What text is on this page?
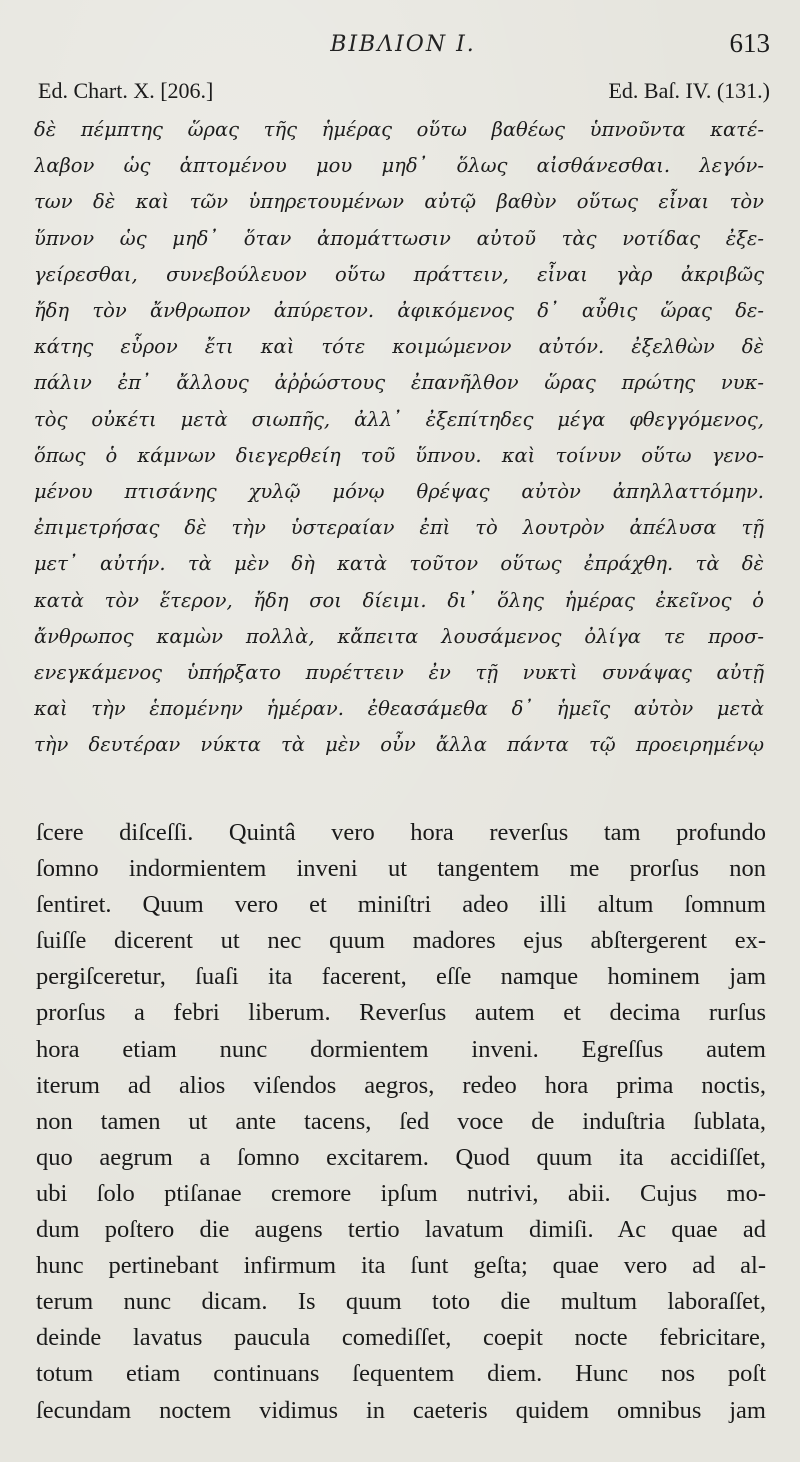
BIBΛION I.	613
Ed. Chart. X. [206.]	Ed. Baſ. IV. (131.)
δὲ πέμπτης ὥρας τῆς ἡμέρας οὕτω βαθέως ὑπνοῦντα κατέ-
λαβον ὡς ἁπτομένου μου μηδ᾽ ὅλως αἰσθάνεσθαι. λεγόν-
των δὲ καὶ τῶν ὑπηρετουμένων αὐτῷ βαθὺν οὕτως εἶναι τὸν
ὕπνον ὡς μηδ᾽ ὅταν ἀπομάττωσιν αὐτοῦ τὰς νοτίδας ἐξε-
γείρεσθαι, συνεβούλευον οὕτω πράττειν, εἶναι γὰρ ἀκριβῶς
ἤδη τὸν ἄνθρωπον ἀπύρετον. ἀφικόμενος δ᾽ αὖθις ὥρας δε-
κάτης εὗρον ἔτι καὶ τότε κοιμώμενον αὐτόν. ἐξελθὼν δὲ
πάλιν ἐπ᾽ ἄλλους ἀῤῥώστους ἐπανῆλθον ὥρας πρώτης νυκ-
τὸς οὐκέτι μετὰ σιωπῆς, ἀλλ᾽ ἐξεπίτηδες μέγα φθεγγόμενος,
ὅπως ὁ κάμνων διεγερθείη τοῦ ὕπνου. καὶ τοίνυν οὕτω γενο-
μένου πτισάνης χυλῷ μόνῳ θρέψας αὐτὸν ἀπηλλαττόμην.
ἐπιμετρήσας δὲ τὴν ὑστεραίαν ἐπὶ τὸ λουτρὸν ἀπέλυσα τῇ
μετ᾽ αὐτήν. τὰ μὲν δὴ κατὰ τοῦτον οὕτως ἐπράχθη. τὰ δὲ
κατὰ τὸν ἕτερον, ἤδη σοι δίειμι. δι᾽ ὅλης ἡμέρας ἐκεῖνος ὁ
ἄνθρωπος καμὼν πολλὰ, κἄπειτα λουσάμενος ὀλίγα τε προσ-
ενεγκάμενος ὑπήρξατο πυρέττειν ἐν τῇ νυκτὶ συνάψας αὐτῇ
καὶ τὴν ἑπομένην ἡμέραν. ἐθεασάμεθα δ᾽ ἡμεῖς αὐτὸν μετὰ
τὴν δευτέραν νύκτα τὰ μὲν οὖν ἄλλα πάντα τῷ προειρημένῳ
ſcere diſceſſi. Quintâ vero hora reverſus tam profundo
ſomno indormientem inveni ut tangentem me prorſus non
ſentiret. Quum vero et miniſtri adeo illi altum ſomnum
ſuiſſe dicerent ut nec quum madores ejus abſtergerent ex-
pergiſceretur, ſuaſi ita facerent, eſſe namque hominem jam
prorſus a febri liberum. Reverſus autem et decima rurſus
hora etiam nunc dormientem inveni. Egreſſus autem
iterum ad alios viſendos aegros, redeo hora prima noctis,
non tamen ut ante tacens, ſed voce de induſtria ſublata,
quo aegrum a ſomno excitarem. Quod quum ita accidiſſet,
ubi ſolo ptiſanae cremore ipſum nutrivi, abii. Cujus mo-
dum poſtero die augens tertio lavatum dimiſi. Ac quae ad
hunc pertinebant infirmum ita ſunt geſta; quae vero ad al-
terum nunc dicam. Is quum toto die multum laboraſſet,
deinde lavatus paucula comediſſet, coepit nocte febricitare,
totum etiam continuans ſequentem diem. Hunc nos poſt
ſecundam noctem vidimus in caeteris quidem omnibus jam
